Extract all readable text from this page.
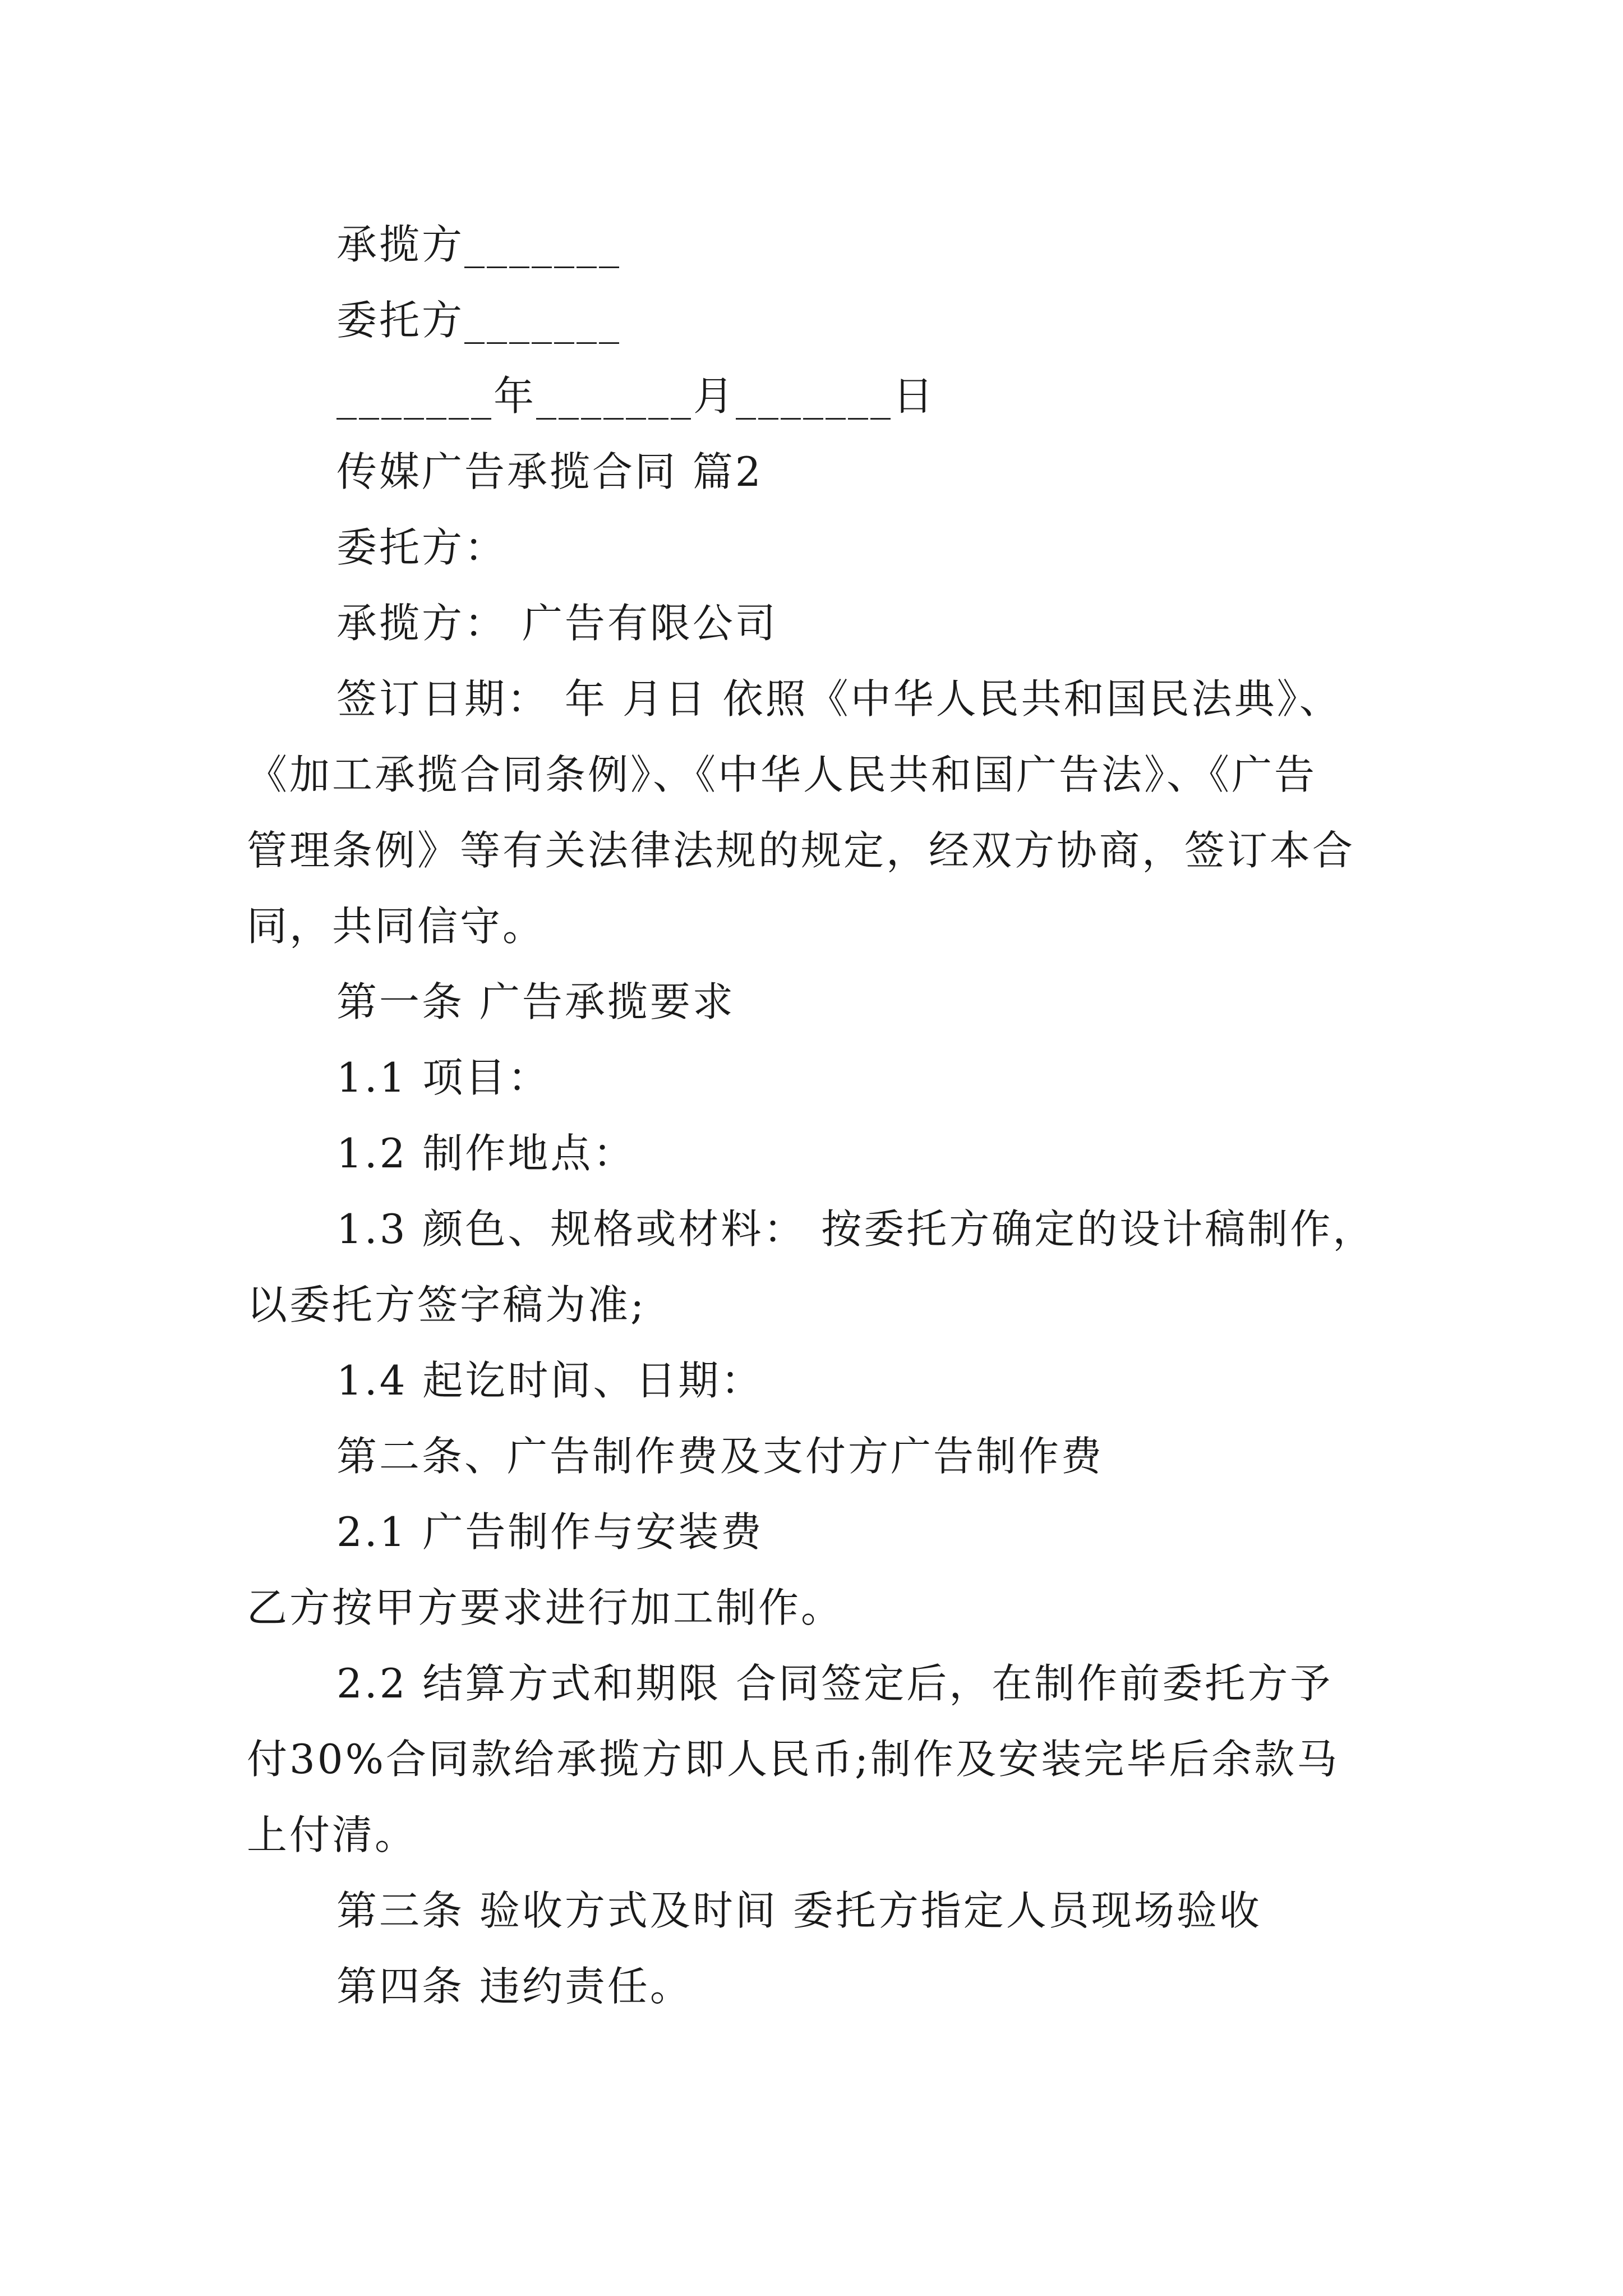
承揽方_______
委托方_______
_______年_______月_______日
传媒广告承揽合同 篇2
委托方：
承揽方： 广告有限公司
签订日期： 年 月日 依照《中华人民共和国民法典》、
《加工承揽合同条例》、《中华人民共和国广告法》、《广告
管理条例》等有关法律法规的规定，经双方协商，签订本合
同，共同信守。
第一条 广告承揽要求
1.1 项目：
1.2 制作地点：
1.3 颜色、规格或材料： 按委托方确定的设计稿制作，
以委托方签字稿为准;
1.4 起讫时间、日期：
第二条、广告制作费及支付方广告制作费
2.1 广告制作与安装费
乙方按甲方要求进行加工制作。
2.2 结算方式和期限 合同签定后，在制作前委托方予
付30%合同款给承揽方即人民币;制作及安装完毕后余款马
上付清。
第三条 验收方式及时间 委托方指定人员现场验收
第四条 违约责任。
